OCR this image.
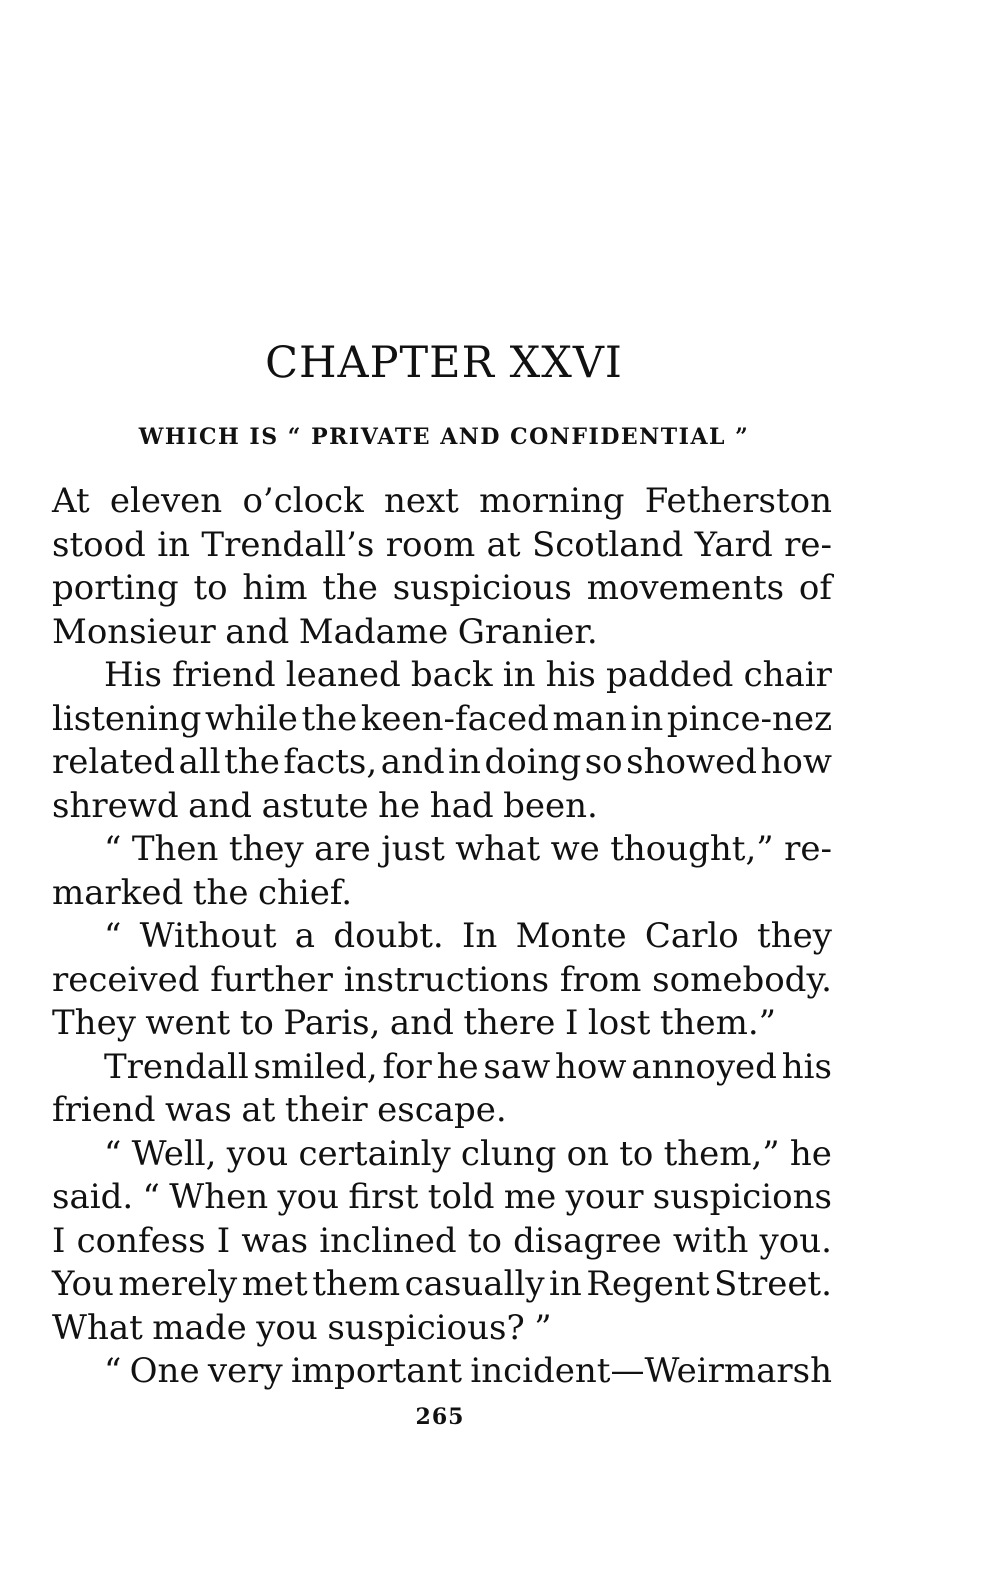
CHAPTER XXVI
WHICH IS “ PRIVATE AND CONFIDENTIAL ”
At eleven o’clock next morning Fetherston
stood in Trendall’s room at Scotland Yard re-
porting to him the suspicious movements of
Monsieur and Madame Granier.
His friend leaned back in his padded chair
listening while the keen-faced man in pince-nez
related all the facts, and in doing so showed how
shrewd and astute he had been.
“ Then they are just what we thought,” re-
marked the chief.
“ Without a doubt. In Monte Carlo they
received further instructions from somebody.
They went to Paris, and there I lost them.”
Trendall smiled, for he saw how annoyed his
friend was at their escape.
“ Well, you certainly clung on to them,” he
said. “ When you first told me your suspicions
I confess I was inclined to disagree with you.
You merely met them casually in Regent Street.
What made you suspicious? ”
“ One very important incident—Weirmarsh
265
